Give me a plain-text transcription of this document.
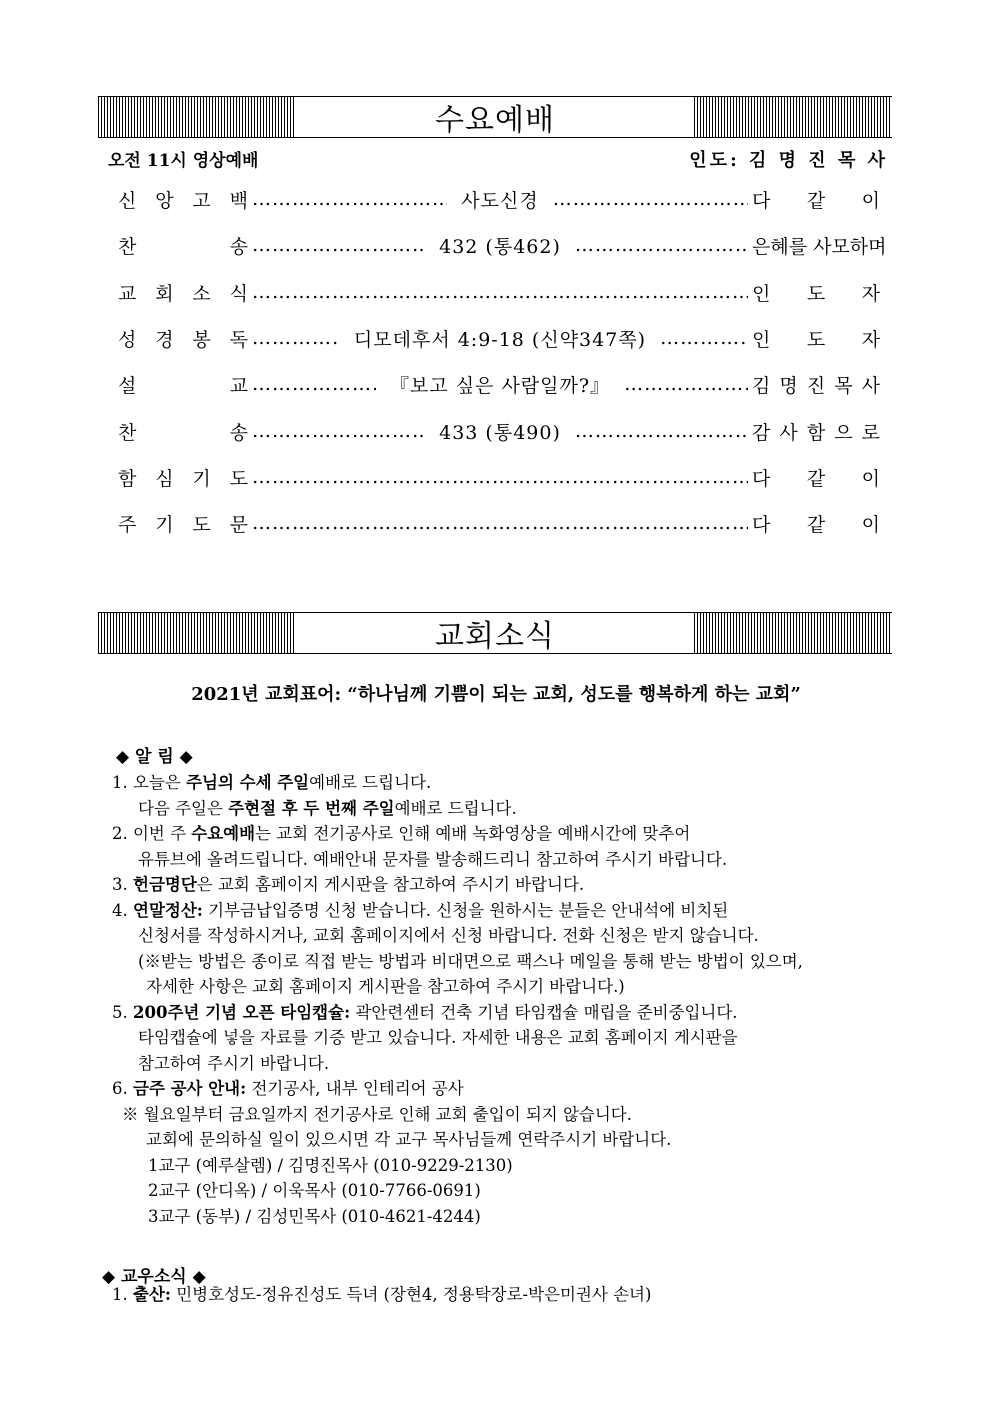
수요예배
오전 11시 영상예배	인도: 김 명 진 목 사
신 앙 고 백 ……………………………………………………………………………………………………………………	사도신경 ……………………………………………………………………………………………………………………	다 같 이
찬	송 ……………………………………………………………………………………………………………………	432 (통462) ……………………………………………………………………………………………………………………	은혜를 사모하며
교 회 소 식 ……………………………………………………………………………………………………………………	인 도 자
성 경 봉 독 ……………………………………………………………………………………………………………………	디모데후서 4:9-18 (신약347쪽) ……………………………………………………………………………………………………………………	인 도 자
설	교 ……………………………………………………………………………………………………………………	『보고 싶은 사람일까?』 ……………………………………………………………………………………………………………………	김 명 진 목 사
찬	송 ……………………………………………………………………………………………………………………	433 (통490) ……………………………………………………………………………………………………………………	감 사 함 으 로
함 심 기 도 ……………………………………………………………………………………………………………………	다 같 이
주 기 도 문 ……………………………………………………………………………………………………………………	다 같 이
교회소식
2021년 교회표어: “하나님께 기쁨이 되는 교회, 성도를 행복하게 하는 교회”
◆ 알 림 ◆
1. 오늘은 주님의 수세 주일예배로 드립니다.
다음 주일은 주현절 후 두 번째 주일예배로 드립니다.
2. 이번 주 수요예배는 교회 전기공사로 인해 예배 녹화영상을 예배시간에 맞추어
유튜브에 올려드립니다. 예배안내 문자를 발송해드리니 참고하여 주시기 바랍니다.
3. 헌금명단은 교회 홈페이지 게시판을 참고하여 주시기 바랍니다.
4. 연말정산: 기부금납입증명 신청 받습니다. 신청을 원하시는 분들은 안내석에 비치된
신청서를 작성하시거나, 교회 홈페이지에서 신청 바랍니다. 전화 신청은 받지 않습니다.
(※받는 방법은 종이로 직접 받는 방법과 비대면으로 팩스나 메일을 통해 받는 방법이 있으며,
자세한 사항은 교회 홈페이지 게시판을 참고하여 주시기 바랍니다.)
5. 200주년 기념 오픈 타임캡슐: 곽안련센터 건축 기념 타임캡슐 매립을 준비중입니다.
타임캡슐에 넣을 자료를 기증 받고 있습니다. 자세한 내용은 교회 홈페이지 게시판을
참고하여 주시기 바랍니다.
6. 금주 공사 안내: 전기공사, 내부 인테리어 공사
※ 월요일부터 금요일까지 전기공사로 인해 교회 출입이 되지 않습니다.
교회에 문의하실 일이 있으시면 각 교구 목사님들께 연락주시기 바랍니다.
1교구 (예루살렘) / 김명진목사 (010-9229-2130)
2교구 (안디옥) / 이욱목사 (010-7766-0691)
3교구 (동부) / 김성민목사 (010-4621-4244)
◆ 교우소식 ◆
1. 출산: 민병호성도-정유진성도 득녀 (장현4, 정용탁장로-박은미권사 손녀)
